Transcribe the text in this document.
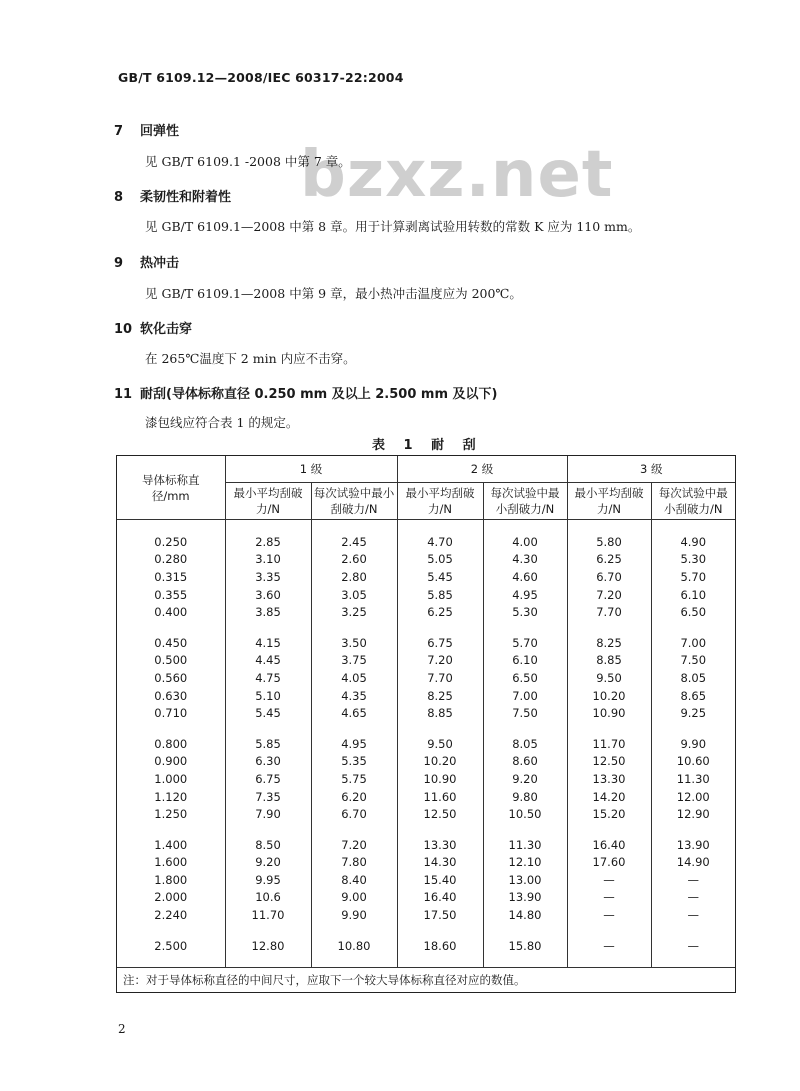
GB/T 6109.12—2008/IEC 60317-22:2004
bzxz.net
7 回弹性
见 GB/T 6109.1 -2008 中第 7 章。
8 柔韧性和附着性
见 GB/T 6109.1—2008 中第 8 章。用于计算剥离试验用转数的常数 K 应为 110 mm。
9 热冲击
见 GB/T 6109.1—2008 中第 9 章，最小热冲击温度应为 200℃。
10 软化击穿
在 265℃温度下 2 min 内应不击穿。
11 耐刮(导体标称直径 0.250 mm 及以上 2.500 mm 及以下)
漆包线应符合表 1 的规定。
表 1 耐 刮
导体标称直径/mm	1 级		2 级		3 级	
	最小平均刮破力/N	每次试验中最小刮破力/N	最小平均刮破力/N	每次试验中最小刮破力/N	最小平均刮破力/N	每次试验中最小刮破力/N

0.250	2.85	2.45	4.70	4.00	5.80	4.90
0.280	3.10	2.60	5.05	4.30	6.25	5.30
0.315	3.35	2.80	5.45	4.60	6.70	5.70
0.355	3.60	3.05	5.85	4.95	7.20	6.10
0.400	3.85	3.25	6.25	5.30	7.70	6.50

0.450	4.15	3.50	6.75	5.70	8.25	7.00
0.500	4.45	3.75	7.20	6.10	8.85	7.50
0.560	4.75	4.05	7.70	6.50	9.50	8.05
0.630	5.10	4.35	8.25	7.00	10.20	8.65
0.710	5.45	4.65	8.85	7.50	10.90	9.25

0.800	5.85	4.95	9.50	8.05	11.70	9.90
0.900	6.30	5.35	10.20	8.60	12.50	10.60
1.000	6.75	5.75	10.90	9.20	13.30	11.30
1.120	7.35	6.20	11.60	9.80	14.20	12.00
1.250	7.90	6.70	12.50	10.50	15.20	12.90

1.400	8.50	7.20	13.30	11.30	16.40	13.90
1.600	9.20	7.80	14.30	12.10	17.60	14.90
1.800	9.95	8.40	15.40	13.00	—	—
2.000	10.6	9.00	16.40	13.90	—	—
2.240	11.70	9.90	17.50	14.80	—	—

2.500	12.80	10.80	18.60	15.80	—	—

注：对于导体标称直径的中间尺寸，应取下一个较大导体标称直径对应的数值。
2
